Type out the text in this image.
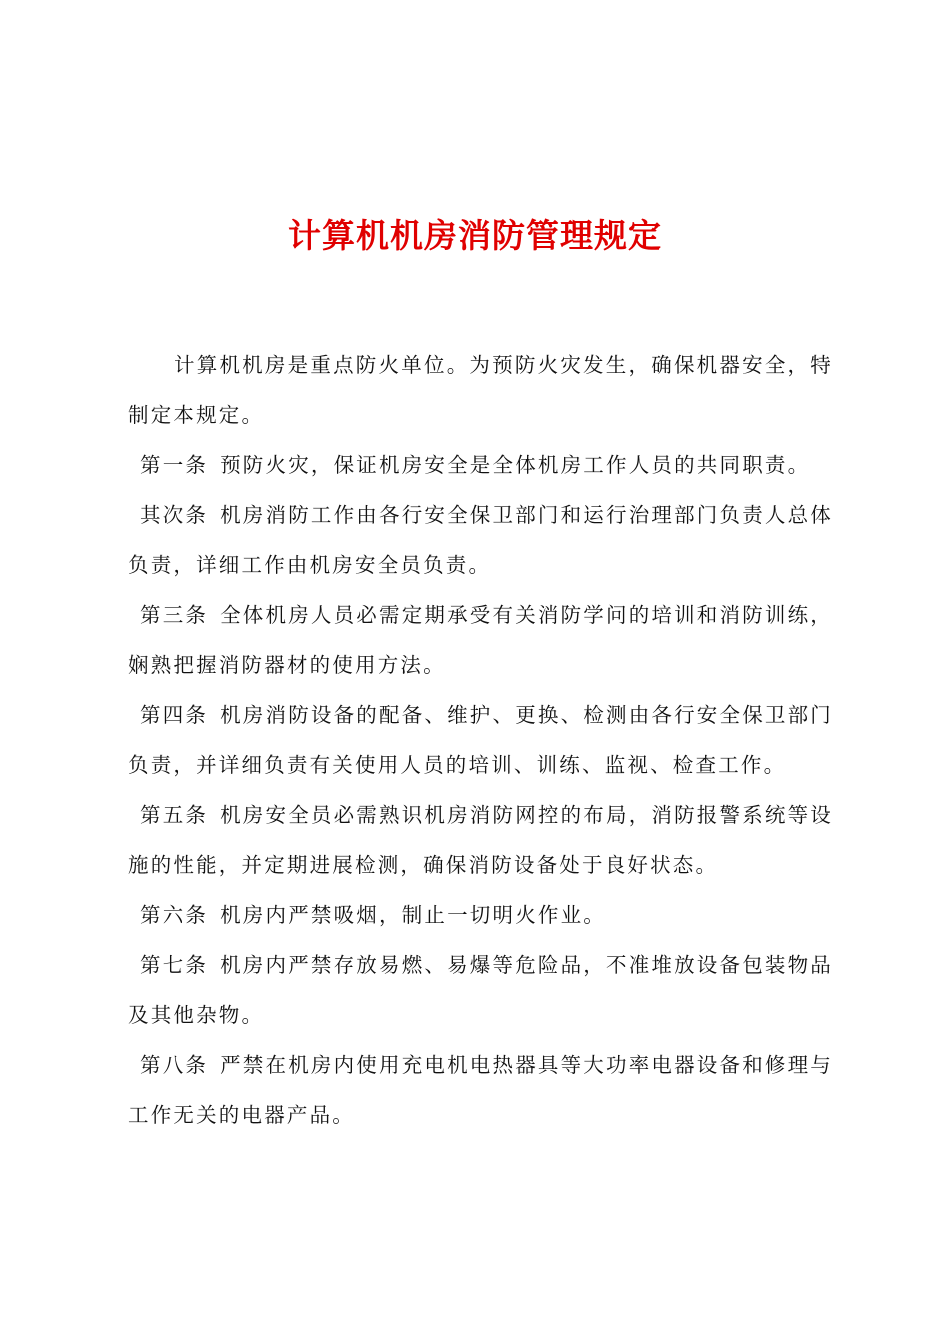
计算机机房消防管理规定

计算机机房是重点防火单位。为预防火灾发生，确保机器安全，特制定本规定。

第一条 预防火灾，保证机房安全是全体机房工作人员的共同职责。

其次条 机房消防工作由各行安全保卫部门和运行治理部门负责人总体负责，详细工作由机房安全员负责。

第三条 全体机房人员必需定期承受有关消防学问的培训和消防训练，娴熟把握消防器材的使用方法。

第四条 机房消防设备的配备、维护、更换、检测由各行安全保卫部门负责，并详细负责有关使用人员的培训、训练、监视、检查工作。

第五条 机房安全员必需熟识机房消防网控的布局，消防报警系统等设施的性能，并定期进展检测，确保消防设备处于良好状态。

第六条 机房内严禁吸烟，制止一切明火作业。

第七条 机房内严禁存放易燃、易爆等危险品，不准堆放设备包装物品及其他杂物。

第八条 严禁在机房内使用充电机电热器具等大功率电器设备和修理与工作无关的电器产品。
